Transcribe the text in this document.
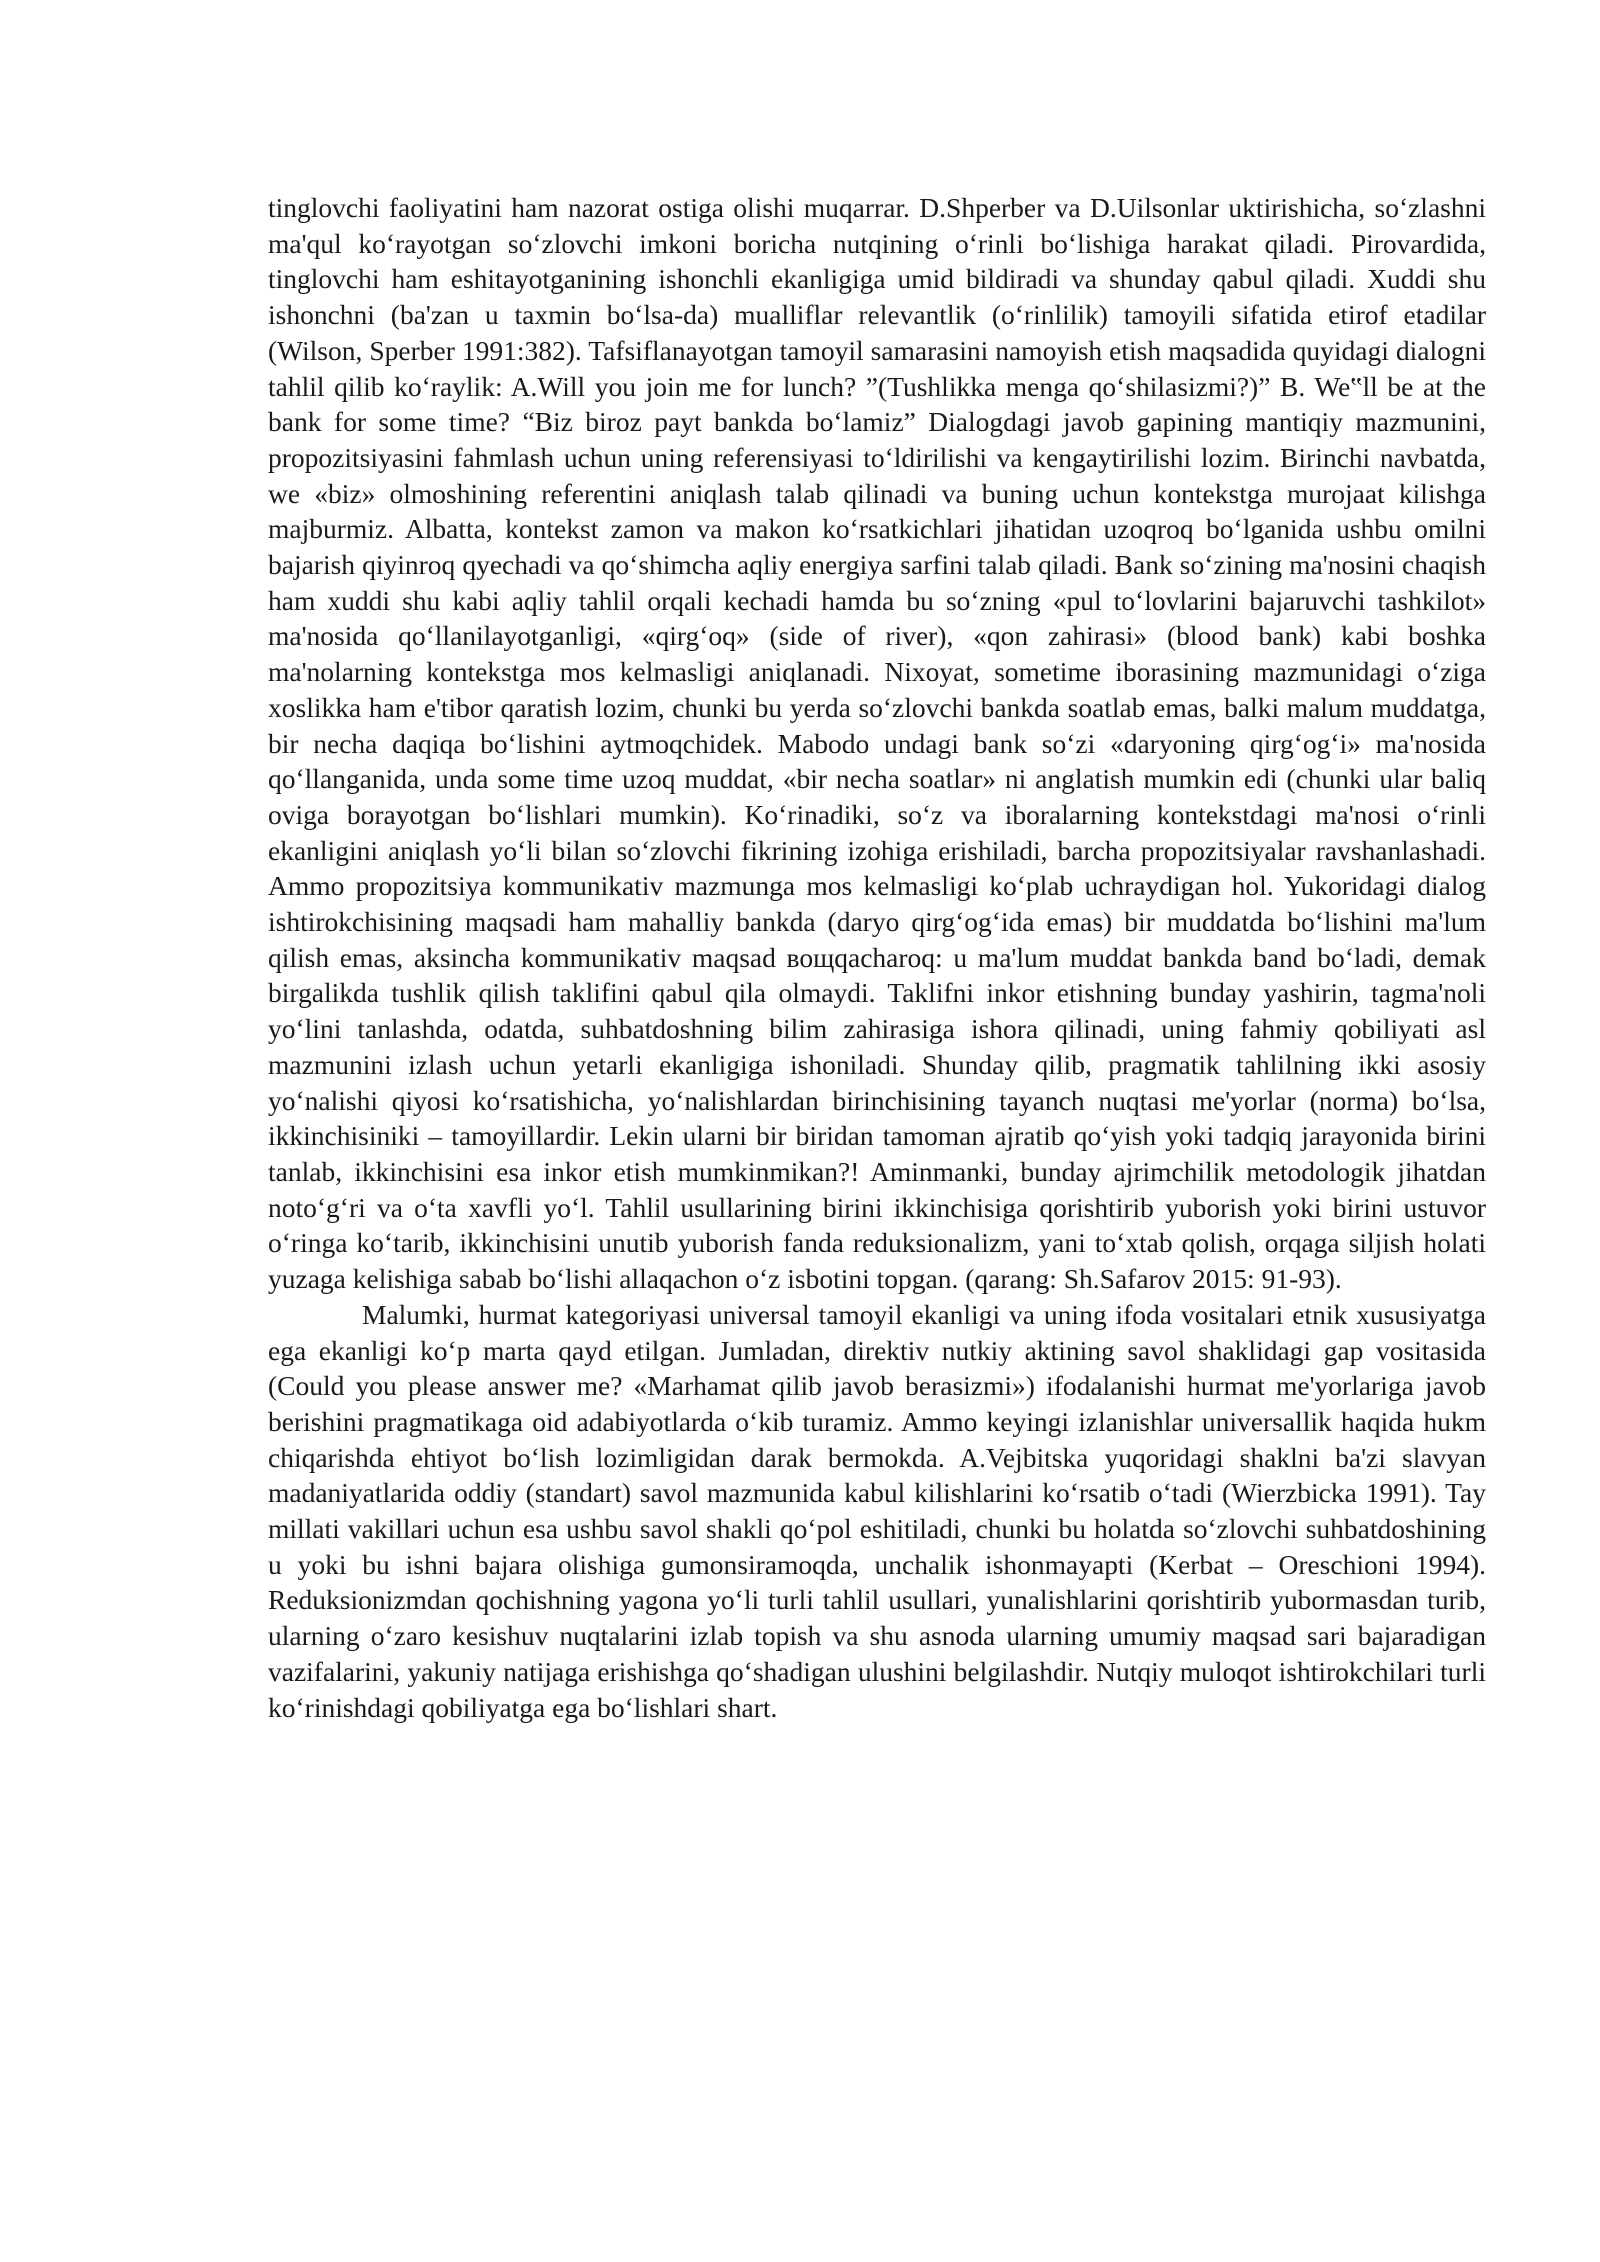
tinglovchi faoliyatini ham nazorat ostiga olishi muqarrar. D.Shperber va D.Uilsonlar uktirishicha, so‘zlashni ma'qul ko‘rayotgan so‘zlovchi imkoni boricha nutqining o‘rinli bo‘lishiga harakat qiladi. Pirovardida, tinglovchi ham eshitayotganining ishonchli ekanligiga umid bildiradi va shunday qabul qiladi. Xuddi shu ishonchni (ba'zan u taxmin bo‘lsa-da) mualliflar relevantlik (o‘rinlilik) tamoyili sifatida etirof etadilar (Wilson, Sperber 1991:382). Tafsiflanayotgan tamoyil samarasini namoyish etish maqsadida quyidagi dialogni tahlil qilib ko‘raylik: A.Will you join me for lunch? ”(Tushlikka menga qo‘shilasizmi?)” B. We‟ll be at the bank for some time? “Biz biroz payt bankda bo‘lamiz” Dialogdagi javob gapining mantiqiy mazmunini, propozitsiyasini fahmlash uchun uning referensiyasi to‘ldirilishi va kengaytirilishi lozim. Birinchi navbatda, we «biz» olmoshining referentini aniqlash talab qilinadi va buning uchun kontekstga murojaat kilishga majburmiz. Albatta, kontekst zamon va makon ko‘rsatkichlari jihatidan uzoqroq bo‘lganida ushbu omilni bajarish qiyinroq qyechadi va qo‘shimcha aqliy energiya sarfini talab qiladi. Bank so‘zining ma'nosini chaqish ham xuddi shu kabi aqliy tahlil orqali kechadi hamda bu so‘zning «pul to‘lovlarini bajaruvchi tashkilot» ma'nosida qo‘llanilayotganligi, «qirg‘oq» (side of river), «qon zahirasi» (blood bank) kabi boshka ma'nolarning kontekstga mos kelmasligi aniqlanadi. Nixoyat, sometime iborasining mazmunidagi o‘ziga xoslikka ham e'tibor qaratish lozim, chunki bu yerda so‘zlovchi bankda soatlab emas, balki malum muddatga, bir necha daqiqa bo‘lishini aytmoqchidek. Mabodo undagi bank so‘zi «daryoning qirg‘og‘i» ma'nosida qo‘llanganida, unda some time uzoq muddat, «bir necha soatlar» ni anglatish mumkin edi (chunki ular baliq oviga borayotgan bo‘lishlari mumkin). Ko‘rinadiki, so‘z va iboralarning kontekstdagi ma'nosi o‘rinli ekanligini aniqlash yo‘li bilan so‘zlovchi fikrining izohiga erishiladi, barcha propozitsiyalar ravshanlashadi. Ammo propozitsiya kommunikativ mazmunga mos kelmasligi ko‘plab uchraydigan hol. Yukoridagi dialog ishtirokchisining maqsadi ham mahalliy bankda (daryo qirg‘og‘ida emas) bir muddatda bo‘lishini ma'lum qilish emas, aksincha kommunikativ maqsad вощqacharoq: u ma'lum muddat bankda band bo‘ladi, demak birgalikda tushlik qilish taklifini qabul qila olmaydi. Taklifni inkor etishning bunday yashirin, tagma'noli yo‘lini tanlashda, odatda, suhbatdoshning bilim zahirasiga ishora qilinadi, uning fahmiy qobiliyati asl mazmunini izlash uchun yetarli ekanligiga ishoniladi. Shunday qilib, pragmatik tahlilning ikki asosiy yo‘nalishi qiyosi ko‘rsatishicha, yo‘nalishlardan birinchisining tayanch nuqtasi me'yorlar (norma) bo‘lsa, ikkinchisiniki – tamoyillardir. Lekin ularni bir biridan tamoman ajratib qo‘yish yoki tadqiq jarayonida birini tanlab, ikkinchisini esa inkor etish mumkinmikan?! Aminmanki, bunday ajrimchilik metodologik jihatdan noto‘g‘ri va o‘ta xavfli yo‘l. Tahlil usullarining birini ikkinchisiga qorishtirib yuborish yoki birini ustuvor o‘ringa ko‘tarib, ikkinchisini unutib yuborish fanda reduksionalizm, yani to‘xtab qolish, orqaga siljish holati yuzaga kelishiga sabab bo‘lishi allaqachon o‘z isbotini topgan. (qarang: Sh.Safarov 2015: 91-93).

Malumki, hurmat kategoriyasi universal tamoyil ekanligi va uning ifoda vositalari etnik xususiyatga ega ekanligi ko‘p marta qayd etilgan. Jumladan, direktiv nutkiy aktining savol shaklidagi gap vositasida (Could you please answer me? «Marhamat qilib javob berasizmi») ifodalanishi hurmat me'yorlariga javob berishini pragmatikaga oid adabiyotlarda o‘kib turamiz. Ammo keyingi izlanishlar universallik haqida hukm chiqarishda ehtiyot bo‘lish lozimligidan darak bermokda. A.Vejbitska yuqoridagi shaklni ba'zi slavyan madaniyatlarida oddiy (standart) savol mazmunida kabul kilishlarini ko‘rsatib o‘tadi (Wierzbicka 1991). Tay millati vakillari uchun esa ushbu savol shakli qo‘pol eshitiladi, chunki bu holatda so‘zlovchi suhbatdoshining u yoki bu ishni bajara olishiga gumonsiramoqda, unchalik ishonmayapti (Kerbat – Oreschioni 1994). Reduksionizmdan qochishning yagona yo‘li turli tahlil usullari, yunalishlarini qorishtirib yubormasdan turib, ularning o‘zaro kesishuv nuqtalarini izlab topish va shu asnoda ularning umumiy maqsad sari bajaradigan vazifalarini, yakuniy natijaga erishishga qo‘shadigan ulushini belgilashdir. Nutqiy muloqot ishtirokchilari turli ko‘rinishdagi qobiliyatga ega bo‘lishlari shart.
